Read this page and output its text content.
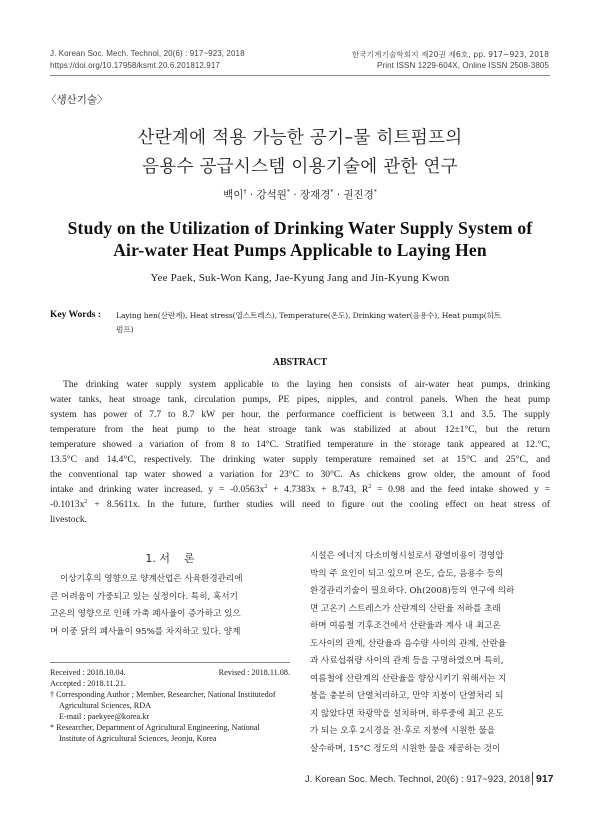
J. Korean Soc. Mech. Technol, 20(6) : 917~923, 2018
https://doi.org/10.17958/ksmt.20.6.201812.917
한국기계기술학회지 제20권 제6호, pp. 917~923, 2018
Print ISSN 1229-604X, Online ISSN 2508-3805
〈생산기술〉
산란계에 적용 가능한 공기–물 히트펌프의
음용수 공급시스템 이용기술에 관한 연구
백이† · 강석원* · 장재경* · 권진경*
Study on the Utilization of Drinking Water Supply System of
Air-water Heat Pumps Applicable to Laying Hen
Yee Paek, Suk-Won Kang, Jae-Kyung Jang and Jin-Kyung Kwon
Key Words : Laying hen(산란계), Heat stress(열스트레스), Temperature(온도), Drinking water(음용수), Heat pump(히트
펌프)
ABSTRACT
The drinking water supply system applicable to the laying hen consists of air-water heat pumps, drinking
water tanks, heat stroage tank, circulation pumps, PE pipes, nipples, and control panels. When the heat pump
system has power of 7.7 to 8.7 kW per hour, the performance coefficient is between 3.1 and 3.5. The supply
temperature from the heat pump to the heat stroage tank was stabilized at about 12±1°C, but the return
temperature showed a variation of from 8 to 14°C. Stratified temperature in the storage tank appeared at 12.°C,
13.5°C and 14.4°C, respectively. The drinking water supply temperature remained set at 15°C and 25°C, and
the conventional tap water showed a variation for 23°C to 30°C. As chickens grow older, the amount of food
intake and drinking water increased. $y = -0.0563x^2 + 4.7383x + 8.743$, $R^2 = 0.98$ and the feed intake showed y =
$-0.1013x^2 + 8.5611x$. In the future, further studies will need to figure out the cooling effect on heat stress of
livestock.
1. 서    론
이상기후의 영향으로 양계산업은 사육환경관리에
큰 어려움이 가중되고 있는 실정이다. 특히, 혹서기
고온의 영향으로 인해 가축 폐사율이 증가하고 있으
며 이중 닭의 폐사율이 95%를 차지하고 있다. 양계
Received : 2018.10.04.	Revised : 2018.11.08.
Accepted : 2018.11.21.
† Corresponding Author ; Member, Researcher, National Institutedof
Agricultural Sciences, RDA
E-mail : paekyee@korea.kr
* Researcher, Department of Agricultural Engineering, National
Institute of Agricultural Sciences, Jeonju, Korea
시설은 에너지 다소비형시설로서 광열비용이 경영압
박의 주 요인이 되고 있으며 온도, 습도, 음용수 등의
환경관리기술이 필요하다. Oh(2008)등의 연구에 의하
면 고온기 스트레스가 산란계의 산란율 저하를 초래
하며 여름철 기후조건에서 산란율과 계사 내 최고온
도사이의 관계, 산란율과 음수량 사이의 관계, 산란율
과 사료섭취량 사이의 관계 등을 구명하였으며 특히,
여름철에 산란계의 산란율을 향상시키기 위해서는 지
붕을 충분히 단열처리하고, 만약 지붕이 단열처리 되
지 않았다면 차광막을 설치하며, 하루중에 최고 온도
가 되는 오후 2시경을 전·후로 지붕에 시원한 물을
살수하며, 15°C 정도의 시원한 물을 제공하는 것이
J. Korean Soc. Mech. Technol, 20(6) : 917~923, 2018 917
